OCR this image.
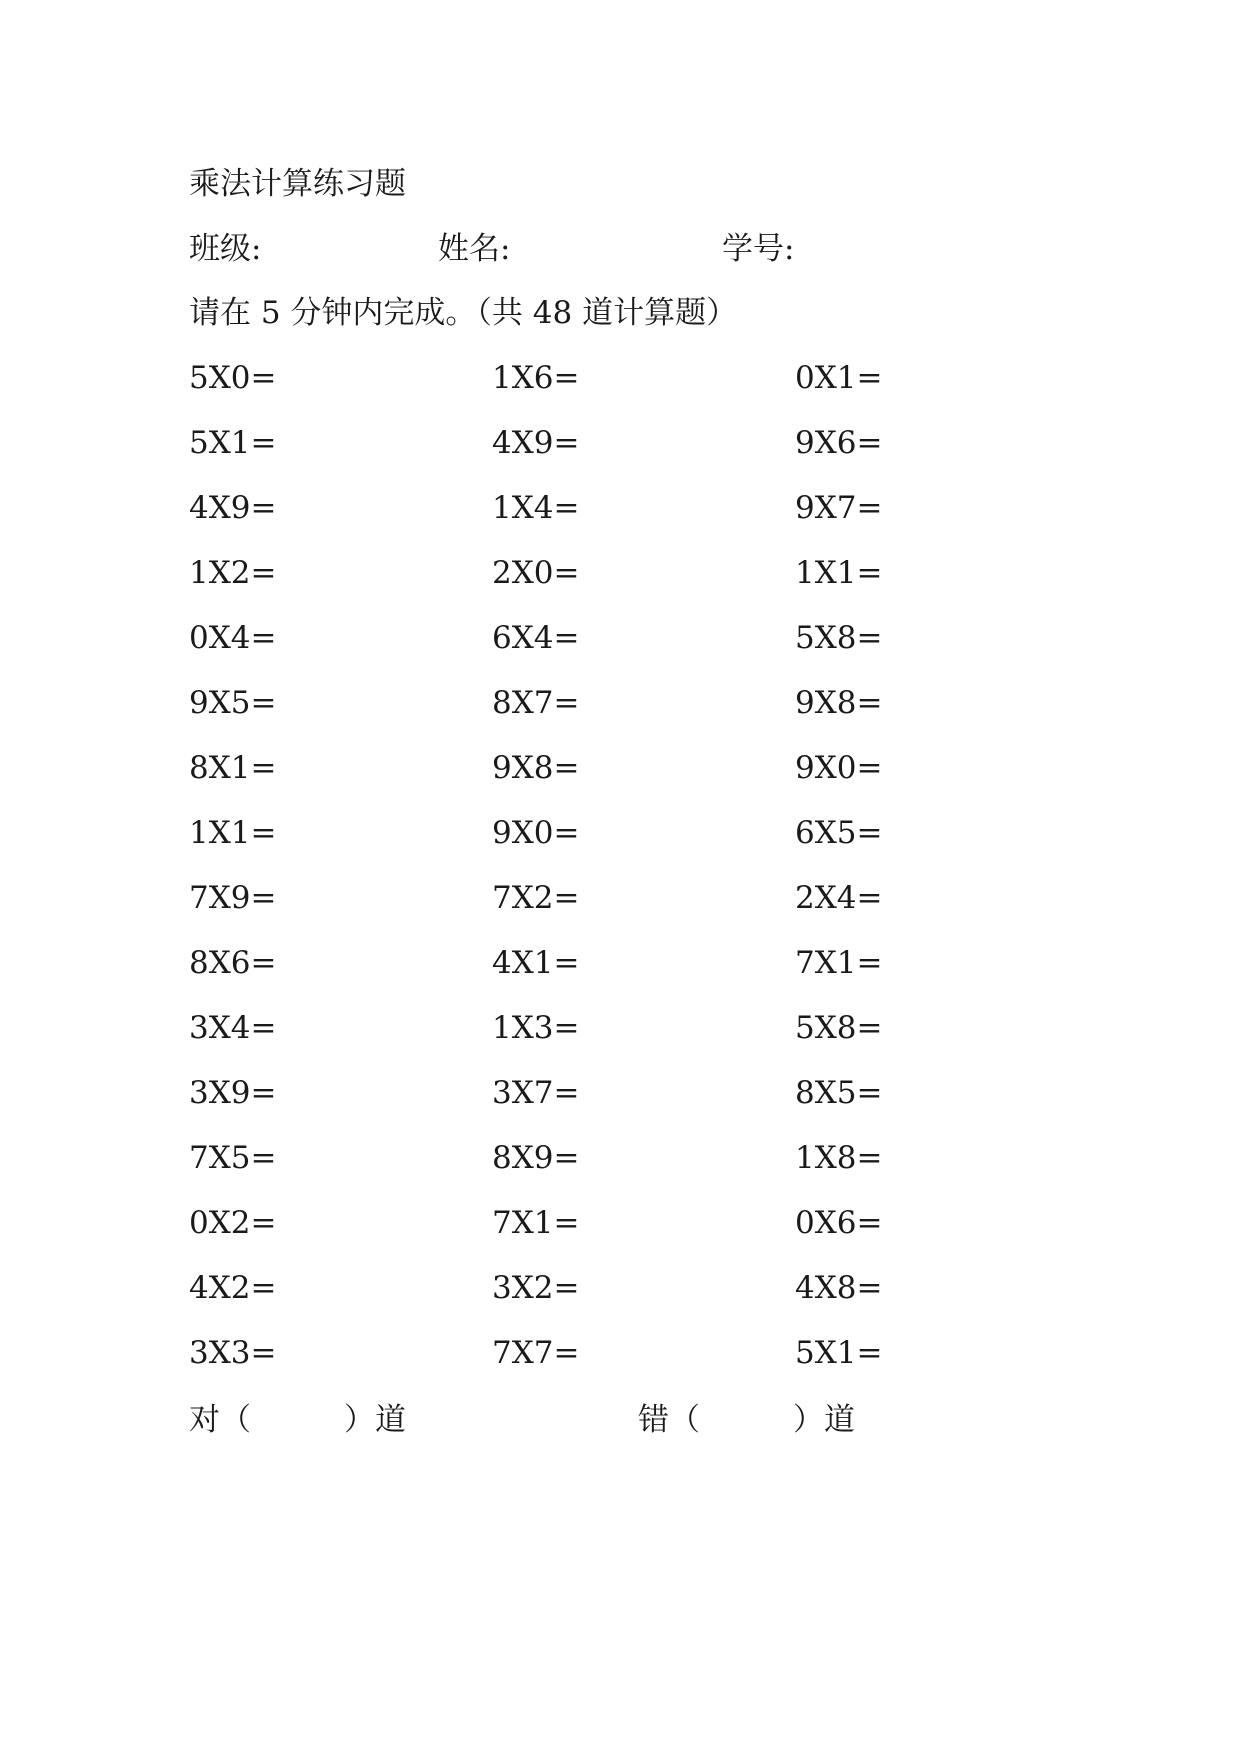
乘法计算练习题
班级:	姓名:	学号:
请在 5 分钟内完成。（共 48 道计算题）
5X0=	1X6=	0X1=
5X1=	4X9=	9X6=
4X9=	1X4=	9X7=
1X2=	2X0=	1X1=
0X4=	6X4=	5X8=
9X5=	8X7=	9X8=
8X1=	9X8=	9X0=
1X1=	9X0=	6X5=
7X9=	7X2=	2X4=
8X6=	4X1=	7X1=
3X4=	1X3=	5X8=
3X9=	3X7=	8X5=
7X5=	8X9=	1X8=
0X2=	7X1=	0X6=
4X2=	3X2=	4X8=
3X3=	7X7=	5X1=
对（　　　）道	错（　　　）道
